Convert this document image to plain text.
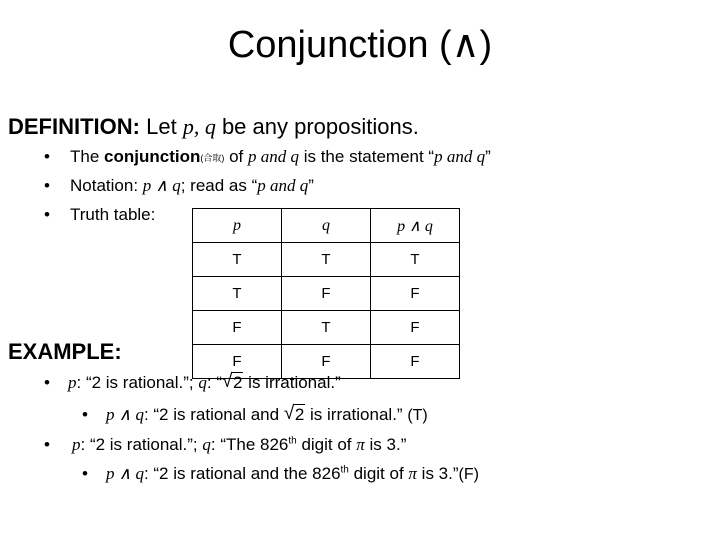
Conjunction (∧)
DEFINITION: Let p, q be any propositions.
• The conjunction(合取) of p and q is the statement “p and q”
• Notation: p ∧ q; read as “p and q”
• Truth table:
p	q	p ∧ q
T	T	T
T	F	F
F	T	F
F	F	F
EXAMPLE:
• p: “2 is rational.”; q: “ √ 2 is irrational.”
• p ∧ q: “2 is rational and √ 2 is irrational.” (T)
• p: “2 is rational.”; q: “The 826th digit of π is 3.”
• p ∧ q: “2 is rational and the 826th digit of π is 3.”(F)
